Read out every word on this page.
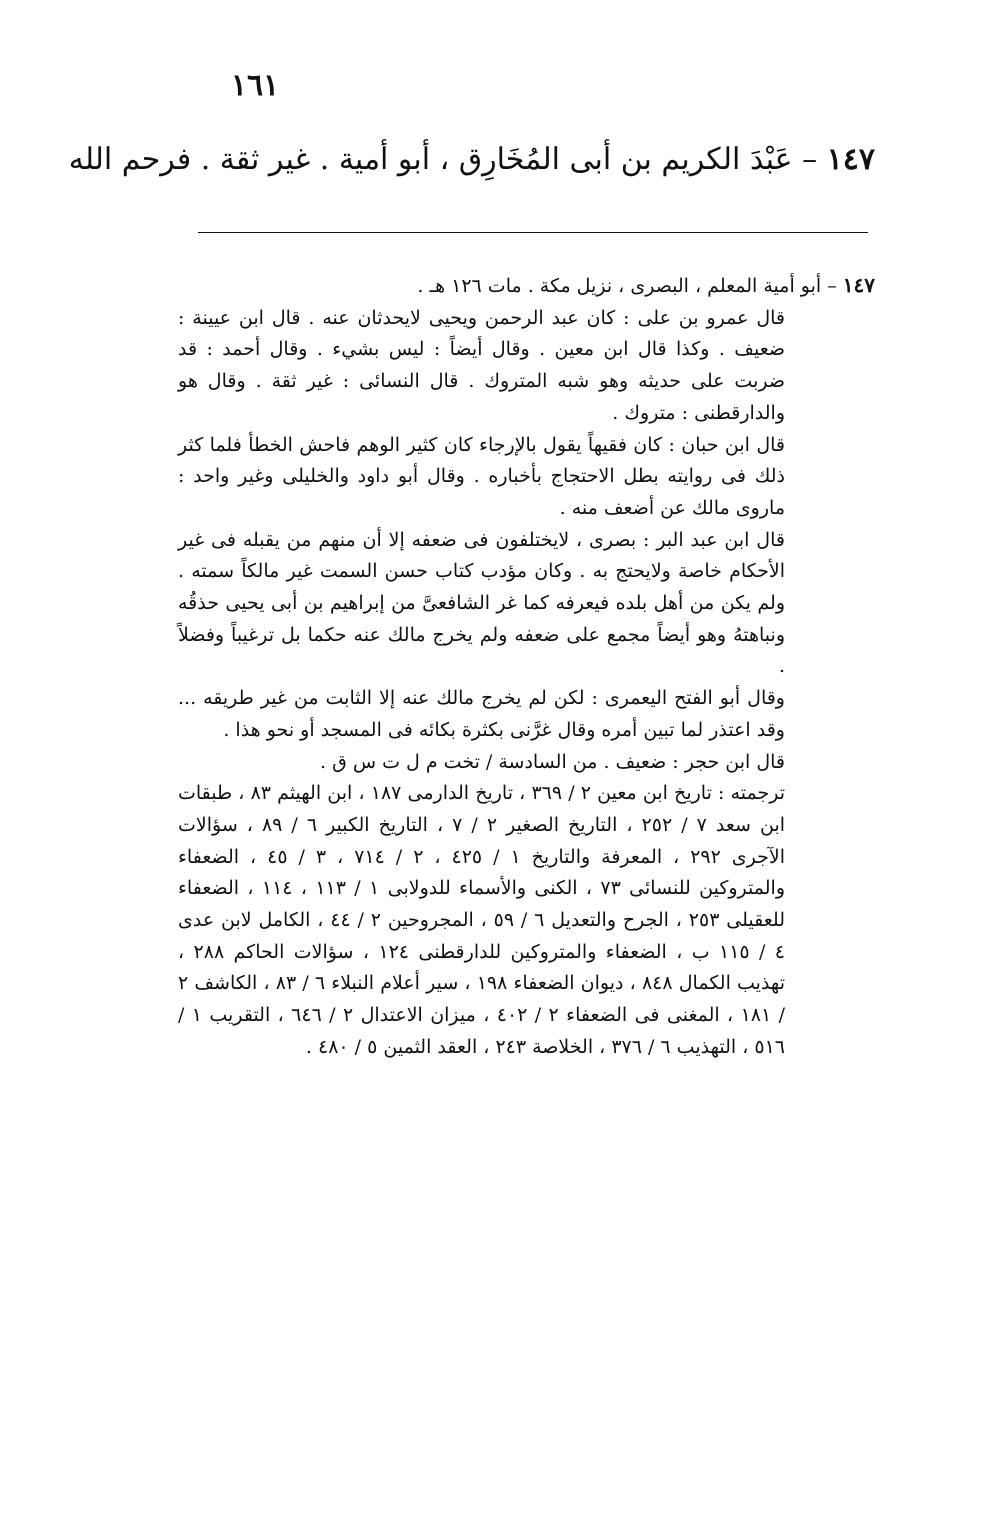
١٦١
١٤٧ – عَبْدَ الكريم بن أبى المُخَارِق ، أبو أمية . غير ثقة . فرحم الله
١٤٧ – أبو أمية المعلم ، البصرى ، نزيل مكة . مات ١٢٦ هـ .

قال عمرو بن على : كان عبد الرحمن ويحيى لايحدثان عنه . قال ابن عيينة : ضعيف . وكذا قال ابن معين . وقال أيضاً : ليس بشيء . وقال أحمد : قد ضربت على حديثه وهو شبه المتروك . قال النسائى : غير ثقة . وقال هو والدارقطنى : متروك .

قال ابن حبان : كان فقيهاً يقول بالإرجاء كان كثير الوهم فاحش الخطأ فلما كثر ذلك فى روايته بطل الاحتجاج بأخباره . وقال أبو داود والخليلى وغير واحد : ماروى مالك عن أضعف منه .

قال ابن عبد البر : بصرى ، لايختلفون فى ضعفه إلا أن منهم من يقبله فى غير الأحكام خاصة ولايحتج به . وكان مؤدب كتاب حسن السمت غير مالكاً سمته . ولم يكن من أهل بلده فيعرفه كما غر الشافعىَّ من إبراهيم بن أبى يحيى حذقُه ونباهتهُ وهو أيضاً مجمع على ضعفه ولم يخرج مالك عنه حكما بل ترغيباً وفضلاً .

وقال أبو الفتح اليعمرى : لكن لم يخرج مالك عنه إلا الثابت من غير طريقه ... وقد اعتذر لما تبين أمره وقال غرَّنى بكثرة بكائه فى المسجد أو نحو هذا .

قال ابن حجر : ضعيف . من السادسة / تخت م ل ت س ق .

ترجمته : تاريخ ابن معين ٢ / ٣٦٩ ، تاريخ الدارمى ١٨٧ ، ابن الهيثم ٨٣ ، طبقات ابن سعد ٧ / ٢٥٢ ، التاريخ الصغير ٢ / ٧ ، التاريخ الكبير ٦ / ٨٩ ، سؤالات الآجرى ٢٩٢ ، المعرفة والتاريخ ١ / ٤٢٥ ، ٢ / ٧١٤ ، ٣ / ٤٥ ، الضعفاء والمتروكين للنسائى ٧٣ ، الكنى والأسماء للدولابى ١ / ١١٣ ، ١١٤ ، الضعفاء للعقيلى ٢٥٣ ، الجرح والتعديل ٦ / ٥٩ ، المجروحين ٢ / ٤٤ ، الكامل لابن عدى ٤ / ١١٥ ب ، الضعفاء والمتروكين للدارقطنى ١٢٤ ، سؤالات الحاكم ٢٨٨ ، تهذيب الكمال ٨٤٨ ، ديوان الضعفاء ١٩٨ ، سير أعلام النبلاء ٦ / ٨٣ ، الكاشف ٢ / ١٨١ ، المغنى فى الضعفاء ٢ / ٤٠٢ ، ميزان الاعتدال ٢ / ٦٤٦ ، التقريب ١ / ٥١٦ ، التهذيب ٦ / ٣٧٦ ، الخلاصة ٢٤٣ ، العقد الثمين ٥ / ٤٨٠ .
